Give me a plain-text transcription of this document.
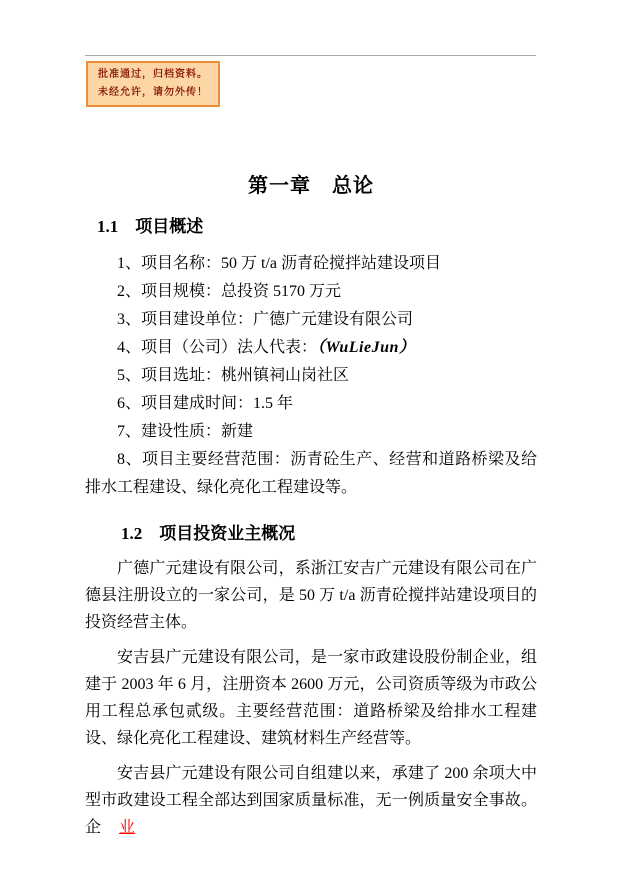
批准通过，归档资料。
未经允许，请勿外传！
第一章　总论
1.1　项目概述
1、项目名称：50 万 t/a 沥青砼搅拌站建设项目
2、项目规模：总投资 5170 万元
3、项目建设单位：广德广元建设有限公司
4、项目（公司）法人代表：（WuLieJun）
5、项目选址：桃州镇祠山岗社区
6、项目建成时间：1.5 年
7、建设性质：新建
8、项目主要经营范围：沥青砼生产、经营和道路桥梁及给排水工程建设、绿化亮化工程建设等。
1.2　项目投资业主概况

广德广元建设有限公司，系浙江安吉广元建设有限公司在广德县注册设立的一家公司，是 50 万 t/a 沥青砼搅拌站建设项目的投资经营主体。

安吉县广元建设有限公司，是一家市政建设股份制企业，组建于 2003 年 6 月，注册资本 2600 万元，公司资质等级为市政公用工程总承包贰级。主要经营范围：道路桥梁及给排水工程建设、绿化亮化工程建设、建筑材料生产经营等。

安吉县广元建设有限公司自组建以来，承建了 200 余项大中型市政建设工程全部达到国家质量标准，无一例质量安全事故。企 业
